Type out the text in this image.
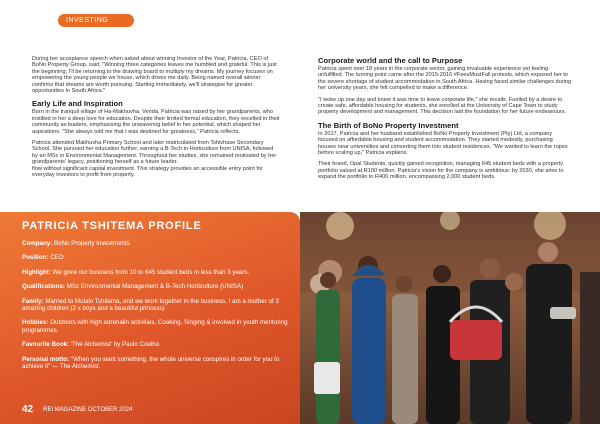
INVESTING

During her acceptance speech when asked about winning Investor of the Year, Patricia, CEO of BoNo Property Group, said, "Winning three categories leaves me humbled and grateful. This is just the beginning; I'll be returning to the drawing board to multiply my dreams. My journey focuses on empowering the young people we house, which drives me daily. Being named overall winner confirms that dreams are worth pursuing. Starting immediately, we'll strategise for greater opportunities in South Africa."

Early Life and Inspiration

Born in the tranquil village of Ha-Makhuvha, Venda, Patricia was raised by her grandparents, who instilled in her a deep love for education. Despite their limited formal education, they excelled in their community as leaders, emphasising the unwavering belief in her potential, which shaped her aspirations. "She always told me that I was destined for greatness," Patricia reflects.

Patricia attended Makhuvha Primary School and later matriculated from Tshivhase Secondary School. She pursued her education further, earning a B-Tech in Horticulture from UNISA, followed by an MSc in Environmental Management. Throughout her studies, she remained motivated by her grandparents' legacy, positioning herself as a future leader.

flow without significant capital investment. This strategy provides an accessible entry point for everyday investors to profit from property.

Corporate world and the call to Purpose

Patricia spent over 18 years in the corporate sector, gaining invaluable experience yet feeling unfulfilled. The turning point came after the 2015-2016 #FeesMustFall protests, which exposed her to the severe shortage of student accommodation in South Africa. Having faced similar challenges during her university years, she felt compelled to make a difference.

"I woke up one day and knew it was time to leave corporate life," she recalls. Fuelled by a desire to create safe, affordable housing for students, she enrolled at the University of Cape Town to study property development and management. This decision laid the foundation for her future endeavours.

The Birth of BoNo Property Investment

In 2017, Patricia and her husband established BoNo Property Investment (Pty) Ltd, a company focused on affordable housing and student accommodation. They started modestly, purchasing houses near universities and converting them into student residences. "We wanted to learn the ropes before scaling up," Patricia explains.

Their brand, Opal Students, quickly gained recognition, managing 645 student beds with a property portfolio valued at R100 million. Patricia's vision for the company is ambitious: by 2030, she aims to expand the portfolio to R400 million, encompassing 2,000 student beds.

PATRICIA TSHITEMA PROFILE
Company: BoNo Property Investments
Position: CEO
Highlight: We grew our business from 10 to 645 student beds in less than 3 years.
Qualifications: MSc Environmental Management & B-Tech Horticulture (UNISA)
Family: Married to Mulalo Tshitema, and we work together in the business. I am a mother of 3 amazing children (2 x boys and a beautiful princess)
Hobbies: Outdoors with high adrenalin activities, Cooking, Singing & involved in youth mentoring programmes.
Favourite Book: 'The Alchemist' by Paulo Coelho
Personal motto: "When you want something, the whole universe conspires in order for you to achieve it" — The Alchemist.
42 REI MAGAZINE OCTOBER 2024
